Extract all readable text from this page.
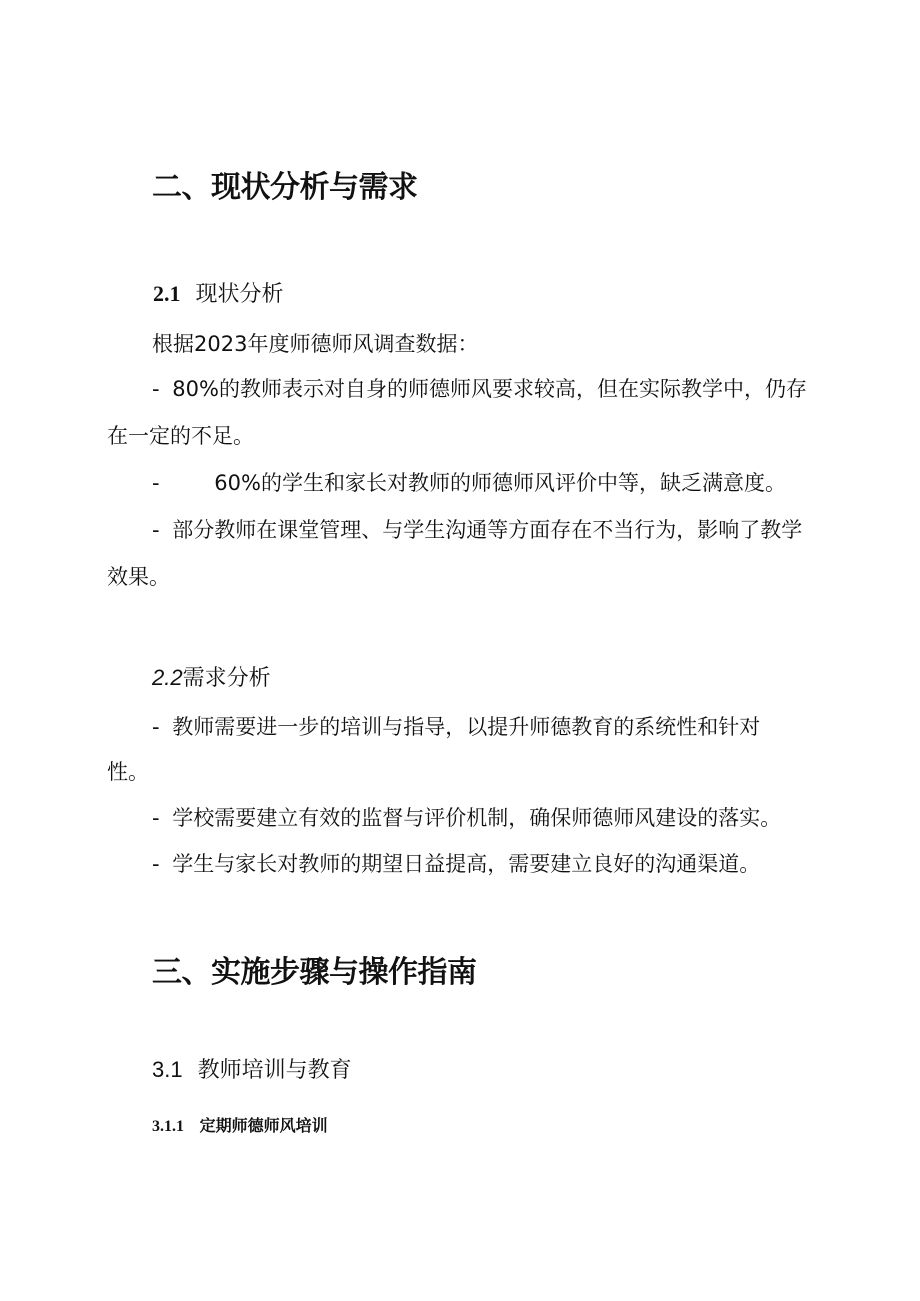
二、现状分析与需求
2.1 现状分析

根据2023年度师德师风调查数据：

- 80%的教师表示对自身的师德师风要求较高，但在实际教学中，仍存

在一定的不足。

-	60%的学生和家长对教师的师德师风评价中等，缺乏满意度。

- 部分教师在课堂管理、与学生沟通等方面存在不当行为，影响了教学

效果。

2.2需求分析

- 教师需要进一步的培训与指导，以提升师德教育的系统性和针对

性。

- 学校需要建立有效的监督与评价机制，确保师德师风建设的落实。

- 学生与家长对教师的期望日益提高，需要建立良好的沟通渠道。

三、实施步骤与操作指南
3.1 教师培训与教育
3.1.1 定期师德师风培训
